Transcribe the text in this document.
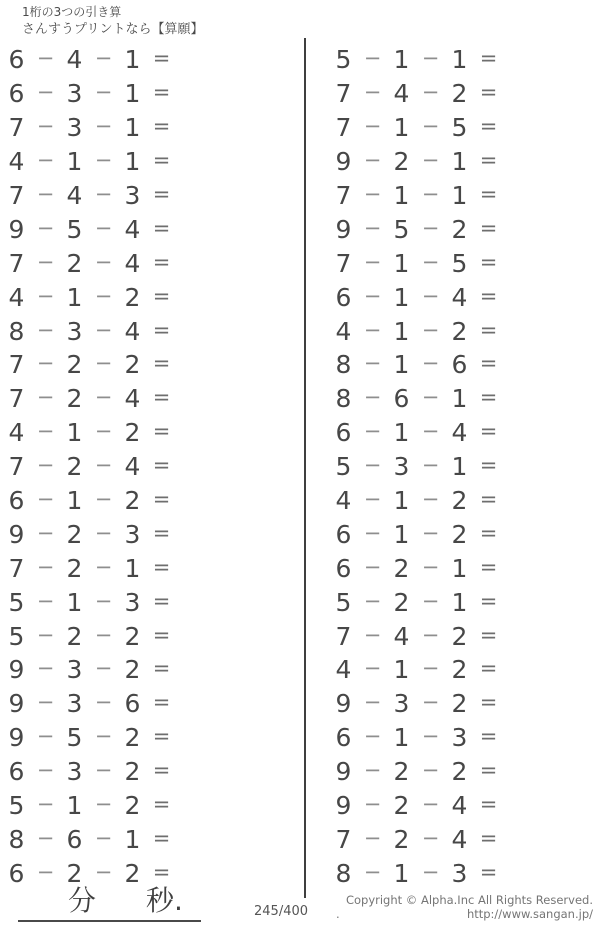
1桁の3つの引き算
さんすうプリントなら【算願】
6 − 4 − 1 =
6 − 3 − 1 =
7 − 3 − 1 =
4 − 1 − 1 =
7 − 4 − 3 =
9 − 5 − 4 =
7 − 2 − 4 =
4 − 1 − 2 =
8 − 3 − 4 =
7 − 2 − 2 =
7 − 2 − 4 =
4 − 1 − 2 =
7 − 2 − 4 =
6 − 1 − 2 =
9 − 2 − 3 =
7 − 2 − 1 =
5 − 1 − 3 =
5 − 2 − 2 =
9 − 3 − 2 =
9 − 3 − 6 =
9 − 5 − 2 =
6 − 3 − 2 =
5 − 1 − 2 =
8 − 6 − 1 =
6 − 2 − 2 =
5 − 1 − 1 =
7 − 4 − 2 =
7 − 1 − 5 =
9 − 2 − 1 =
7 − 1 − 1 =
9 − 5 − 2 =
7 − 1 − 5 =
6 − 1 − 4 =
4 − 1 − 2 =
8 − 1 − 6 =
8 − 6 − 1 =
6 − 1 − 4 =
5 − 3 − 1 =
4 − 1 − 2 =
6 − 1 − 2 =
6 − 2 − 1 =
5 − 2 − 1 =
7 − 4 − 2 =
4 − 1 − 2 =
9 − 3 − 2 =
6 − 1 − 3 =
9 − 2 − 2 =
9 − 2 − 4 =
7 − 2 − 4 =
8 − 1 − 3 =
分 秒.	245/400
Copyright © Alpha.Inc All Rights Reserved.
.	http://www.sangan.jp/
